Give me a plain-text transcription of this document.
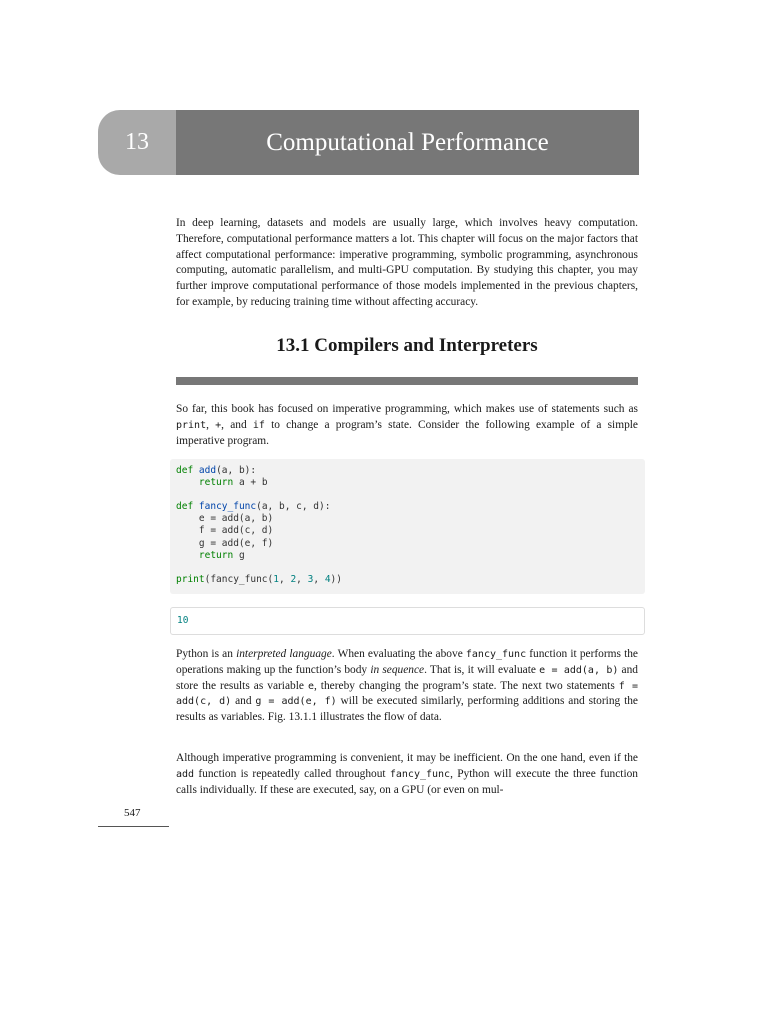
13	Computational Performance

In deep learning, datasets and models are usually large, which involves heavy computation. Therefore, computational performance matters a lot. This chapter will focus on the major factors that affect computational performance: imperative programming, symbolic programming, asynchronous computing, automatic parallelism, and multi-GPU computation. By studying this chapter, you may further improve computational performance of those models implemented in the previous chapters, for example, by reducing training time without affecting accuracy.

13.1 Compilers and Interpreters

So far, this book has focused on imperative programming, which makes use of statements such as print, +, and if to change a program’s state. Consider the following example of a simple imperative program.

def add(a, b):
return a + b

def fancy_func(a, b, c, d):
e = add(a, b)
f = add(c, d)
g = add(e, f)
return g

print(fancy_func(1, 2, 3, 4))
10

Python is an interpreted language. When evaluating the above fancy_func function it performs the operations making up the function’s body in sequence. That is, it will evaluate e = add(a, b) and store the results as variable e, thereby changing the program’s state. The next two statements f = add(c, d) and g = add(e, f) will be executed similarly, performing additions and storing the results as variables. Fig. 13.1.1 illustrates the flow of data.

Although imperative programming is convenient, it may be inefficient. On the one hand, even if the add function is repeatedly called throughout fancy_func, Python will execute the three function calls individually. If these are executed, say, on a GPU (or even on mul-

547
